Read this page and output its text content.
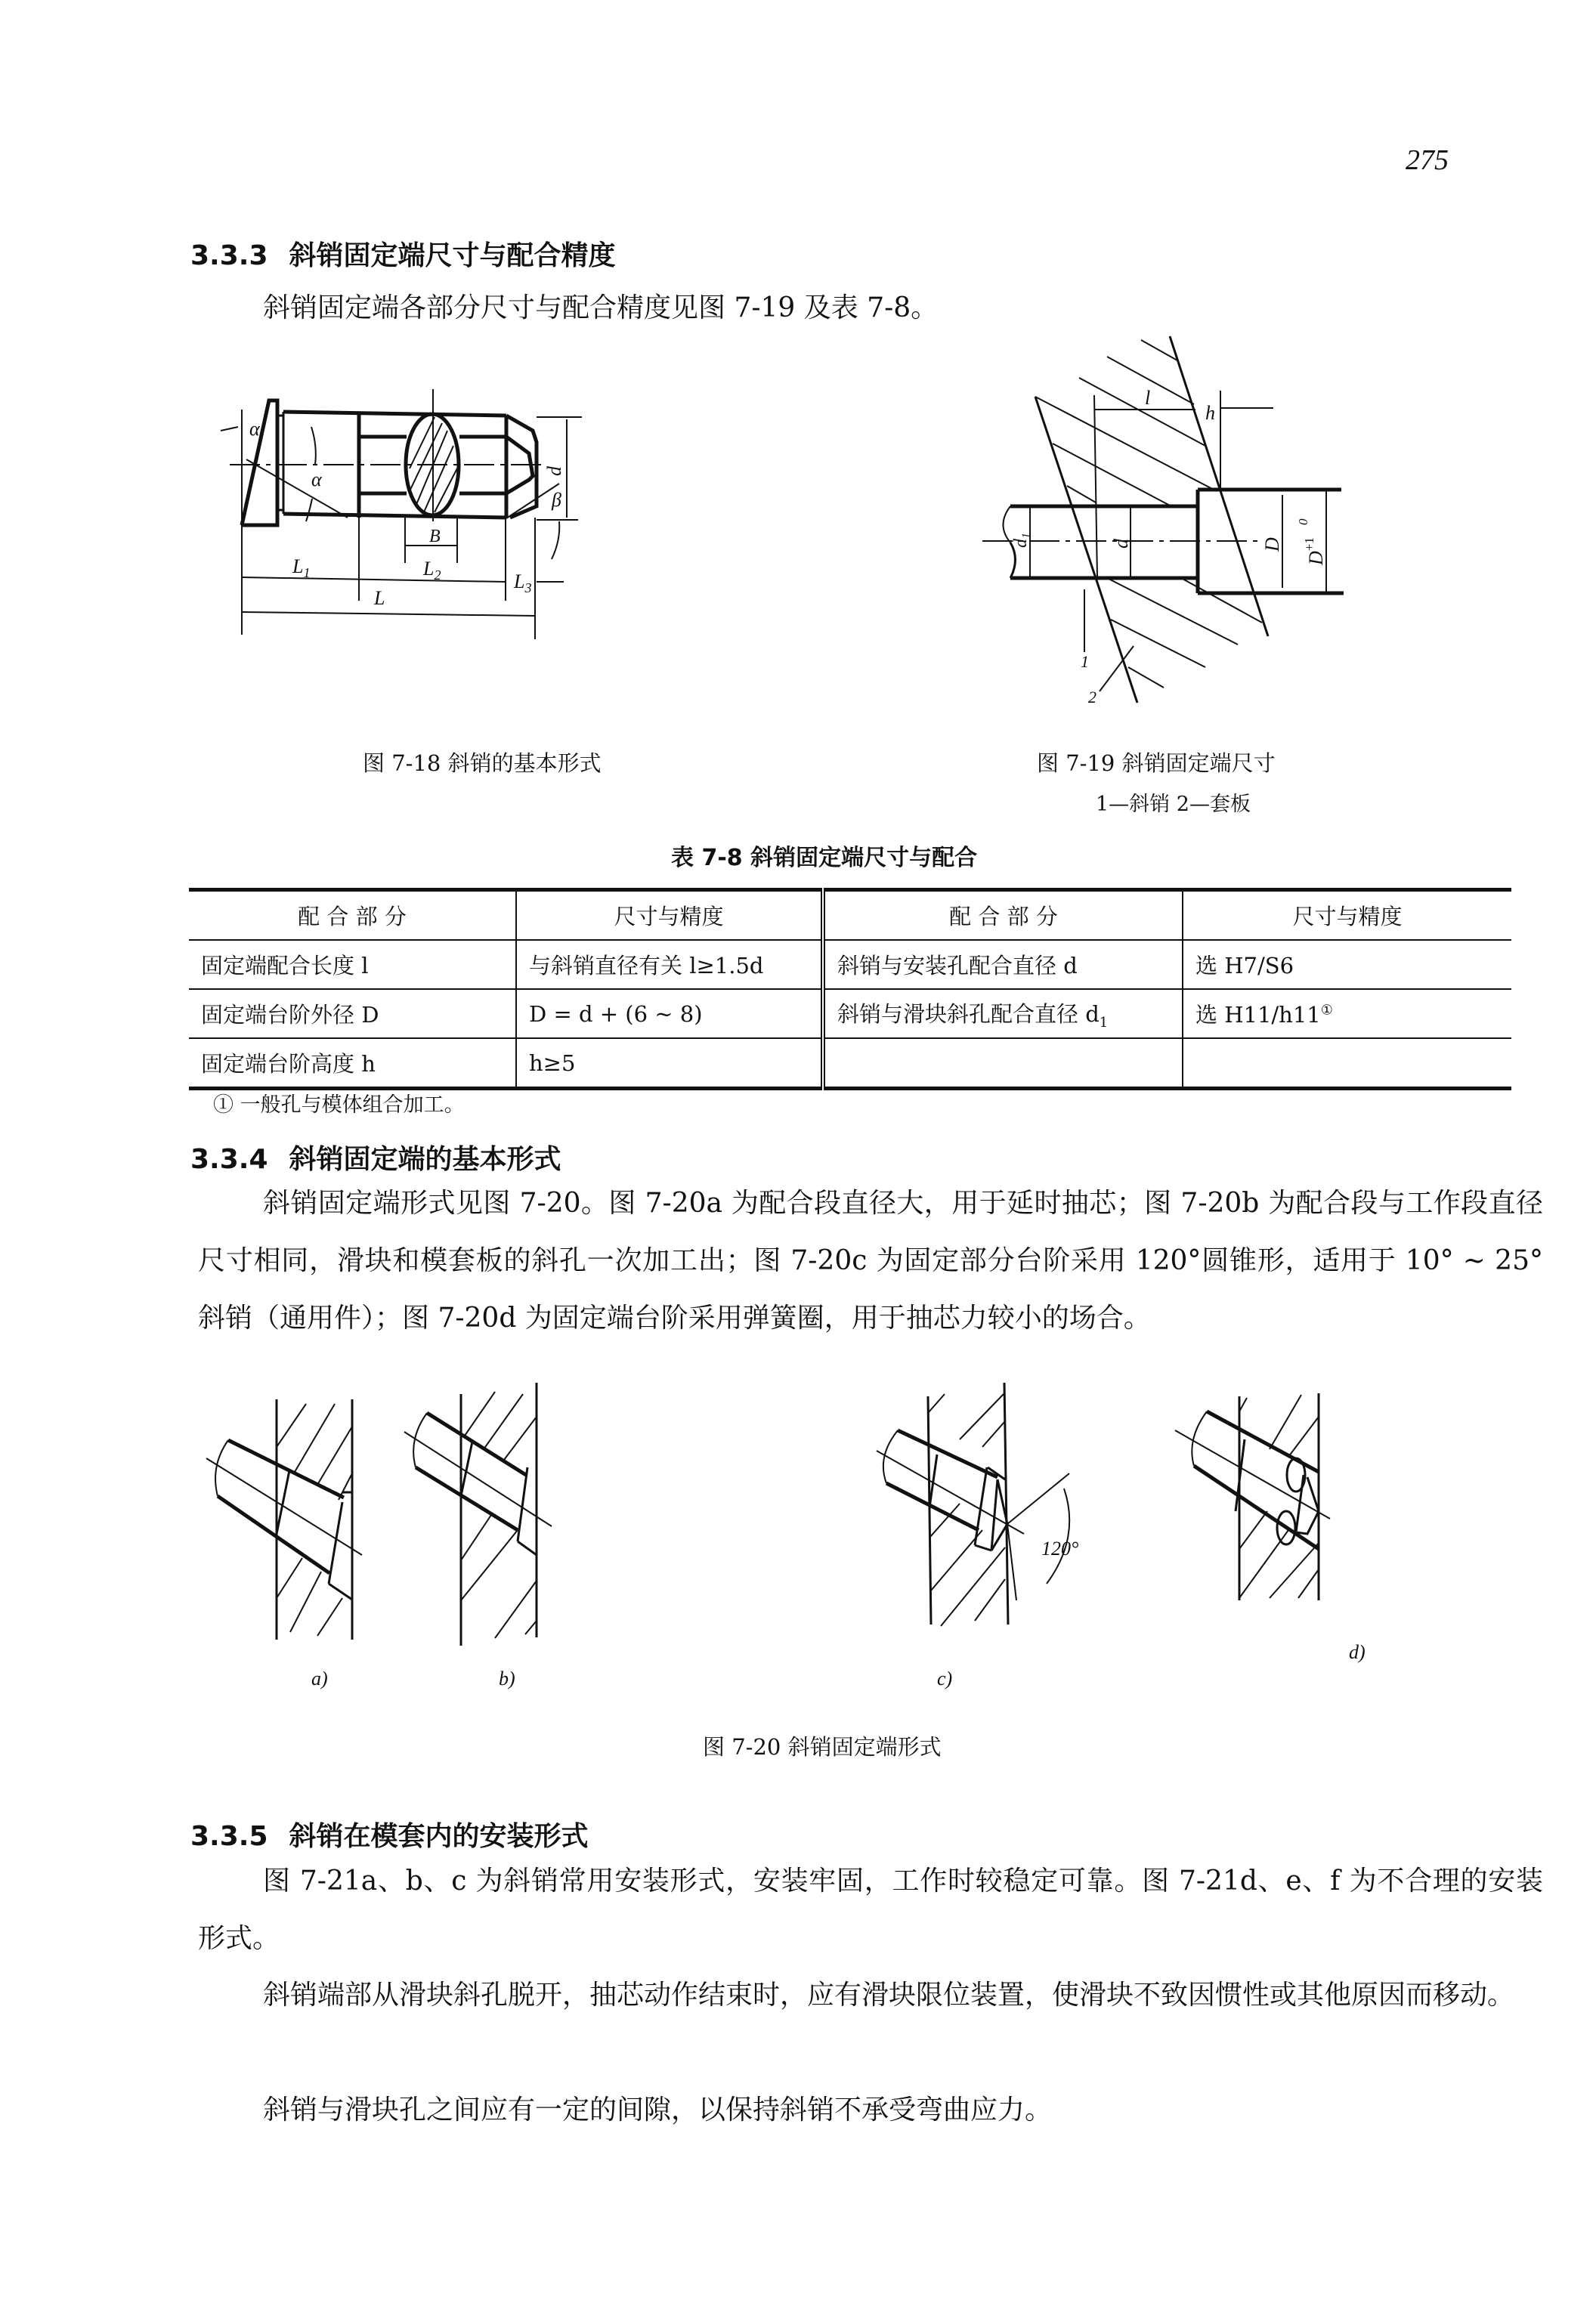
275
3.3.3 斜销固定端尺寸与配合精度
斜销固定端各部分尺寸与配合精度见图 7-19 及表 7-8。
α
α
β
d
B
$L_1$	$L_2$	$L_3$
L
l
h
$d_1$
d	D
$D^{+1}$
0
1
2
图 7-18 斜销的基本形式	图 7-19 斜销固定端尺寸
1—斜销 2—套板
表 7-8 斜销固定端尺寸与配合
配 合 部 分	尺寸与精度	配 合 部 分	尺寸与精度
固定端配合长度 l	与斜销直径有关 l≥1.5d	斜销与安装孔配合直径 d	选 H7/S6
固定端台阶外径 D	D = d + (6 ~ 8)	斜销与滑块斜孔配合直径 $d_1$	选 H11/h11①
固定端台阶高度 h	h≥5		
① 一般孔与模体组合加工。
3.3.4 斜销固定端的基本形式
斜销固定端形式见图 7-20。图 7-20a 为配合段直径大，用于延时抽芯；图 7-20b 为配合段与工作段直径尺寸相同，滑块和模套板的斜孔一次加工出；图 7-20c 为固定部分台阶采用 120°圆锥形，适用于 10° ~ 25°斜销（通用件）；图 7-20d 为固定端台阶采用弹簧圈，用于抽芯力较小的场合。
120°
a)	b)	c)
d)
图 7-20 斜销固定端形式
3.3.5 斜销在模套内的安装形式
图 7-21a、b、c 为斜销常用安装形式，安装牢固，工作时较稳定可靠。图 7-21d、e、f 为不合理的安装形式。
斜销端部从滑块斜孔脱开，抽芯动作结束时，应有滑块限位装置，使滑块不致因惯性或其他原因而移动。
斜销与滑块孔之间应有一定的间隙，以保持斜销不承受弯曲应力。
